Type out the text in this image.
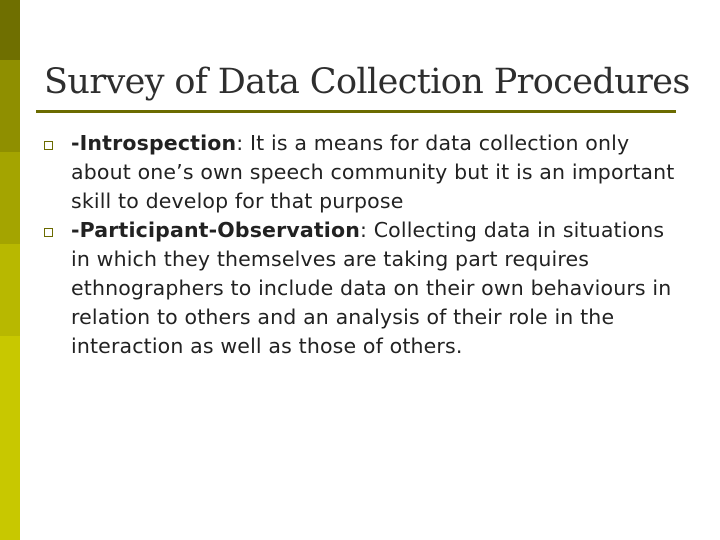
Survey of Data Collection Procedures
-Introspection: It is a means for data collection only about one’s own speech community but it is an important skill to develop for that purpose
-Participant-Observation: Collecting data in situations in which they themselves are taking part requires ethnographers to include data on their own behaviours in relation to others and an analysis of their role in the interaction as well as those of others.
